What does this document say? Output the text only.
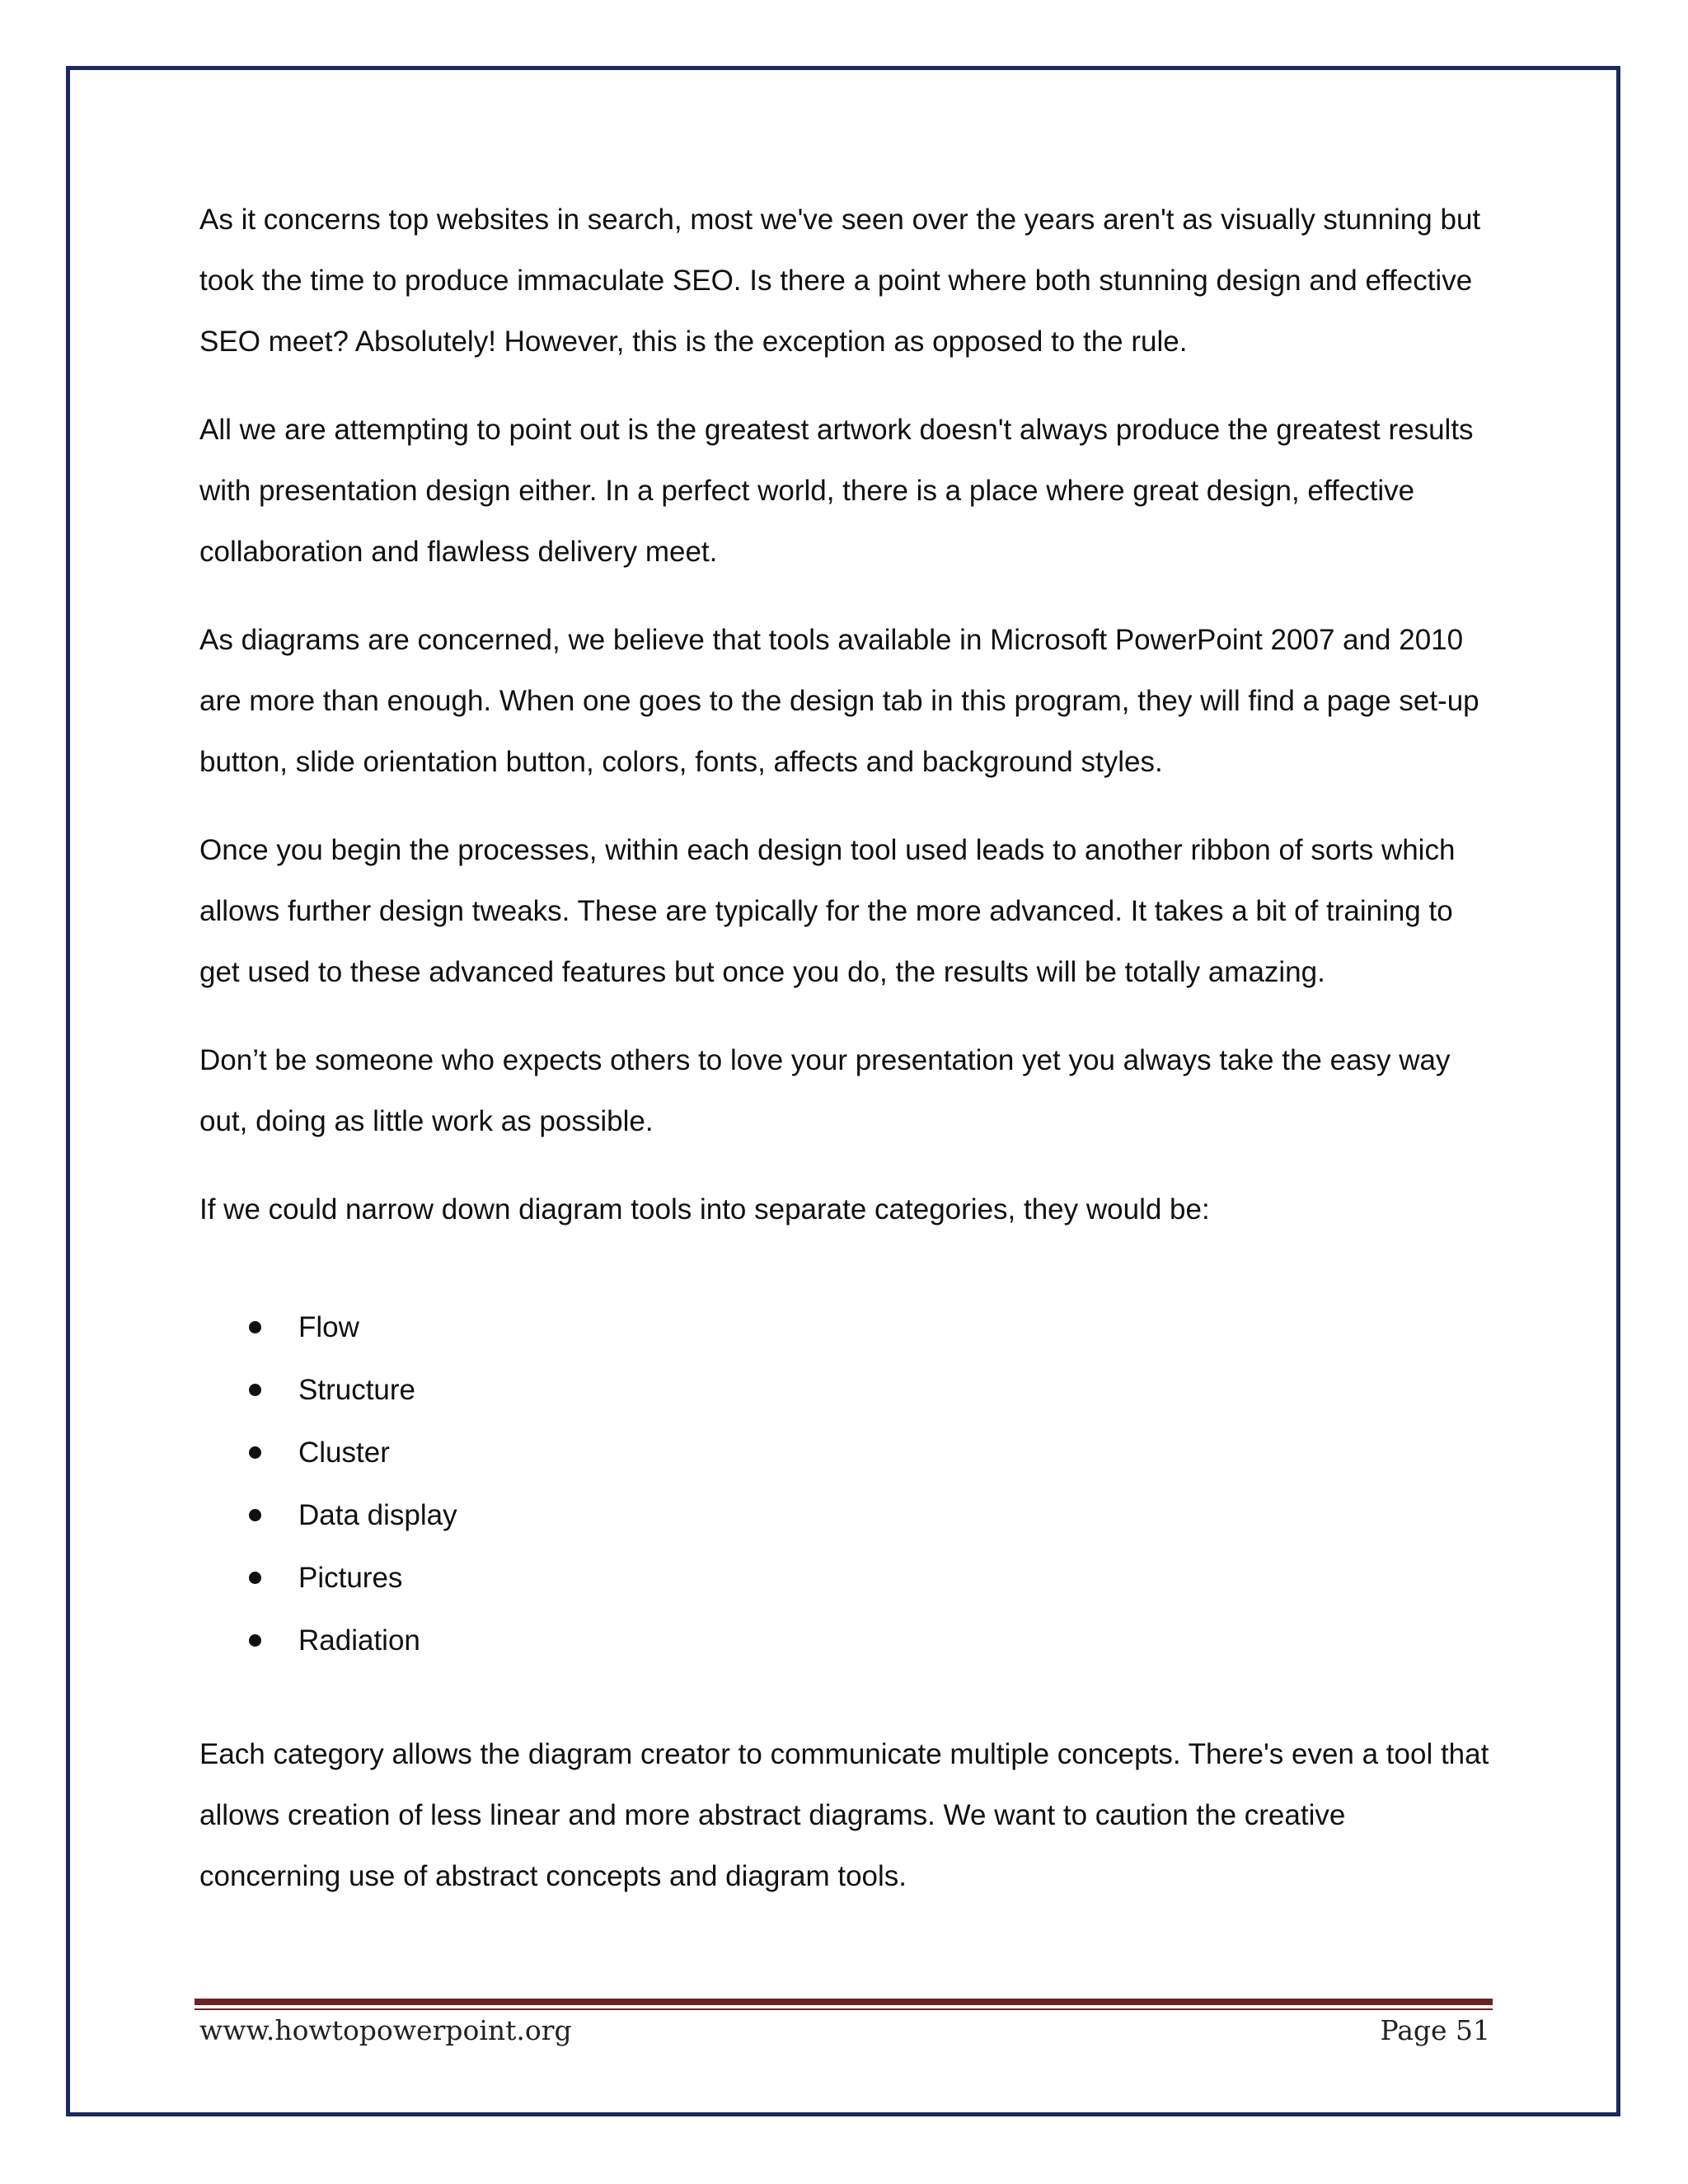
As it concerns top websites in search, most we've seen over the years aren't as visually stunning but took the time to produce immaculate SEO. Is there a point where both stunning design and effective SEO meet? Absolutely! However, this is the exception as opposed to the rule.

All we are attempting to point out is the greatest artwork doesn't always produce the greatest results with presentation design either. In a perfect world, there is a place where great design, effective collaboration and flawless delivery meet.

As diagrams are concerned, we believe that tools available in Microsoft PowerPoint 2007 and 2010 are more than enough. When one goes to the design tab in this program, they will find a page set-up button, slide orientation button, colors, fonts, affects and background styles.

Once you begin the processes, within each design tool used leads to another ribbon of sorts which allows further design tweaks. These are typically for the more advanced. It takes a bit of training to get used to these advanced features but once you do, the results will be totally amazing.

Don’t be someone who expects others to love your presentation yet you always take the easy way out, doing as little work as possible.

If we could narrow down diagram tools into separate categories, they would be:

Flow
Structure
Cluster
Data display
Pictures
Radiation

Each category allows the diagram creator to communicate multiple concepts. There's even a tool that allows creation of less linear and more abstract diagrams. We want to caution the creative concerning use of abstract concepts and diagram tools.

www.howtopowerpoint.org	Page 51
